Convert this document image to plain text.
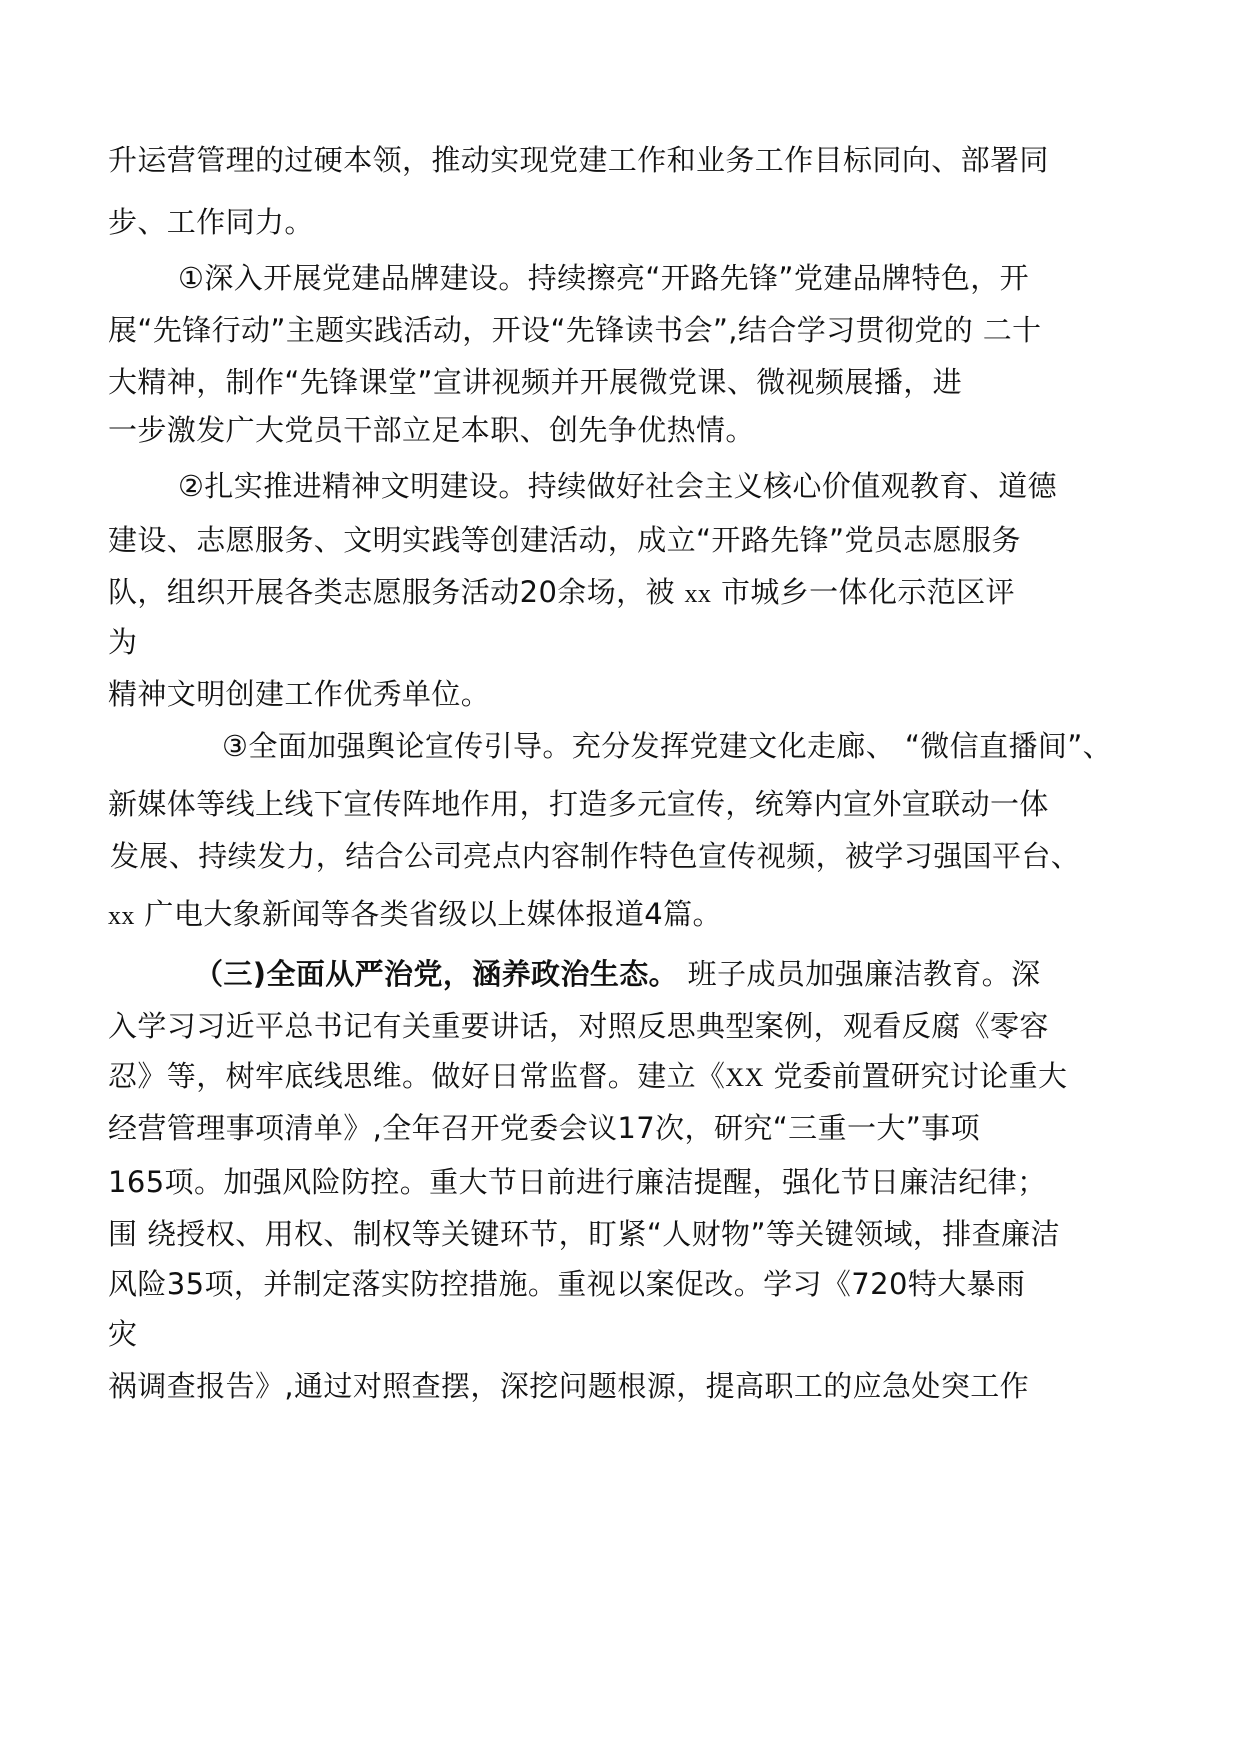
升运营管理的过硬本领，推动实现党建工作和业务工作目标同向、部署同
步、工作同力。
①深入开展党建品牌建设。持续擦亮“开路先锋”党建品牌特色，开
展“先锋行动”主题实践活动，开设“先锋读书会”,结合学习贯彻党的 二十
大精神，制作“先锋课堂”宣讲视频并开展微党课、微视频展播，进
一步激发广大党员干部立足本职、创先争优热情。
②扎实推进精神文明建设。持续做好社会主义核心价值观教育、道德
建设、志愿服务、文明实践等创建活动，成立“开路先锋”党员志愿服务
队，组织开展各类志愿服务活动20余场，被 xx 市城乡一体化示范区评
为
精神文明创建工作优秀单位。
③全面加强舆论宣传引导。充分发挥党建文化走廊、 “微信直播间”、
新媒体等线上线下宣传阵地作用，打造多元宣传，统筹内宣外宣联动一体
发展、持续发力，结合公司亮点内容制作特色宣传视频，被学习强国平台、
xx 广电大象新闻等各类省级以上媒体报道4篇。
（三)全面从严治党，涵养政治生态。 班子成员加强廉洁教育。深
入学习习近平总书记有关重要讲话，对照反思典型案例，观看反腐《零容
忍》等，树牢底线思维。做好日常监督。建立《XX 党委前置研究讨论重大
经营管理事项清单》,全年召开党委会议17次，研究“三重一大”事项
165项。加强风险防控。重大节日前进行廉洁提醒，强化节日廉洁纪律；
围 绕授权、用权、制权等关键环节，盯紧“人财物”等关键领域，排查廉洁
风险35项，并制定落实防控措施。重视以案促改。学习《720特大暴雨
灾
祸调查报告》,通过对照查摆，深挖问题根源，提高职工的应急处突工作
